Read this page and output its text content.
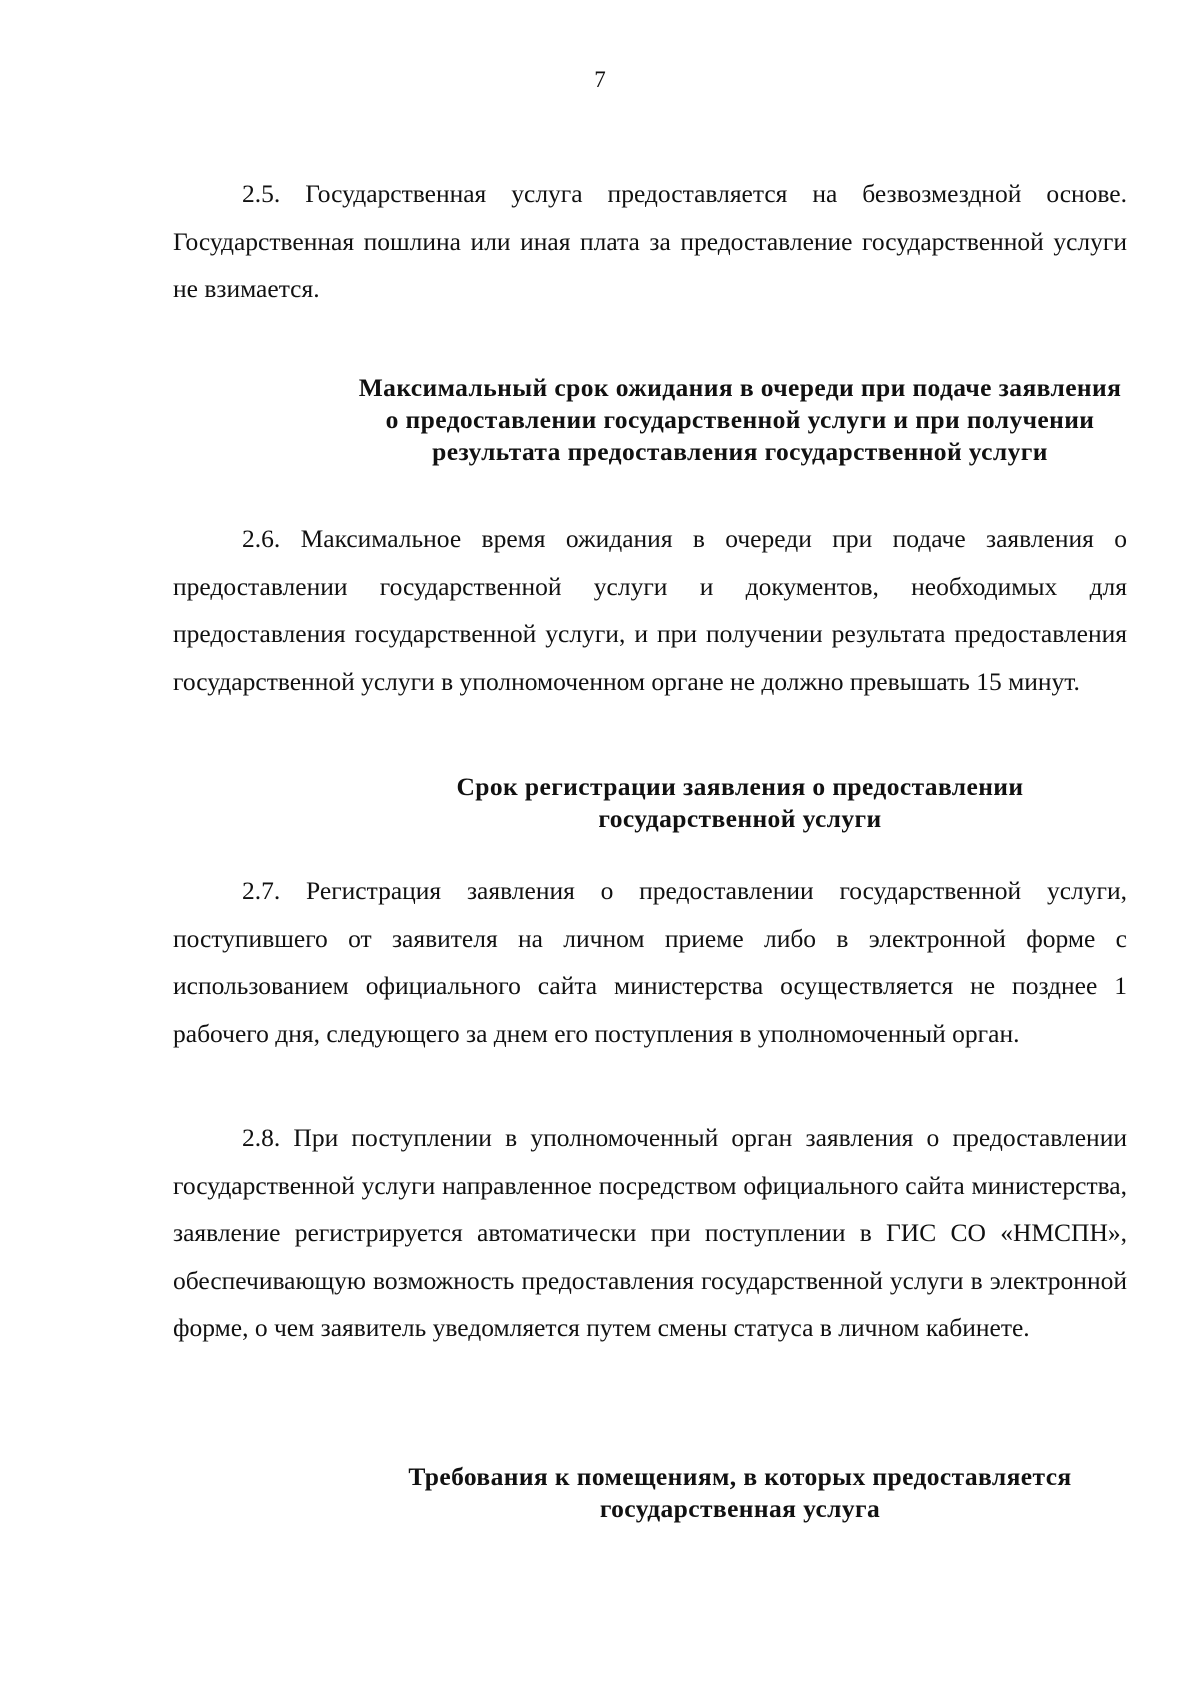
7

2.5. Государственная услуга предоставляется на безвозмездной основе. Государственная пошлина или иная плата за предоставление государственной услуги не взимается.

Максимальный срок ожидания в очереди при подаче заявления
о предоставлении государственной услуги и при получении
результата предоставления государственной услуги

2.6. Максимальное время ожидания в очереди при подаче заявления о предоставлении государственной услуги и документов, необходимых для предоставления государственной услуги, и при получении результата предоставления государственной услуги в уполномоченном органе не должно превышать 15 минут.

Срок регистрации заявления о предоставлении
государственной услуги

2.7. Регистрация заявления о предоставлении государственной услуги, поступившего от заявителя на личном приеме либо в электронной форме с использованием официального сайта министерства осуществляется не позднее 1 рабочего дня, следующего за днем его поступления в уполномоченный орган.

2.8. При поступлении в уполномоченный орган заявления о предоставлении государственной услуги направленное посредством официального сайта министерства, заявление регистрируется автоматически при поступлении в ГИС СО «НМСПН», обеспечивающую возможность предоставления государственной услуги в электронной форме, о чем заявитель уведомляется путем смены статуса в личном кабинете.

Требования к помещениям, в которых предоставляется
государственная услуга
